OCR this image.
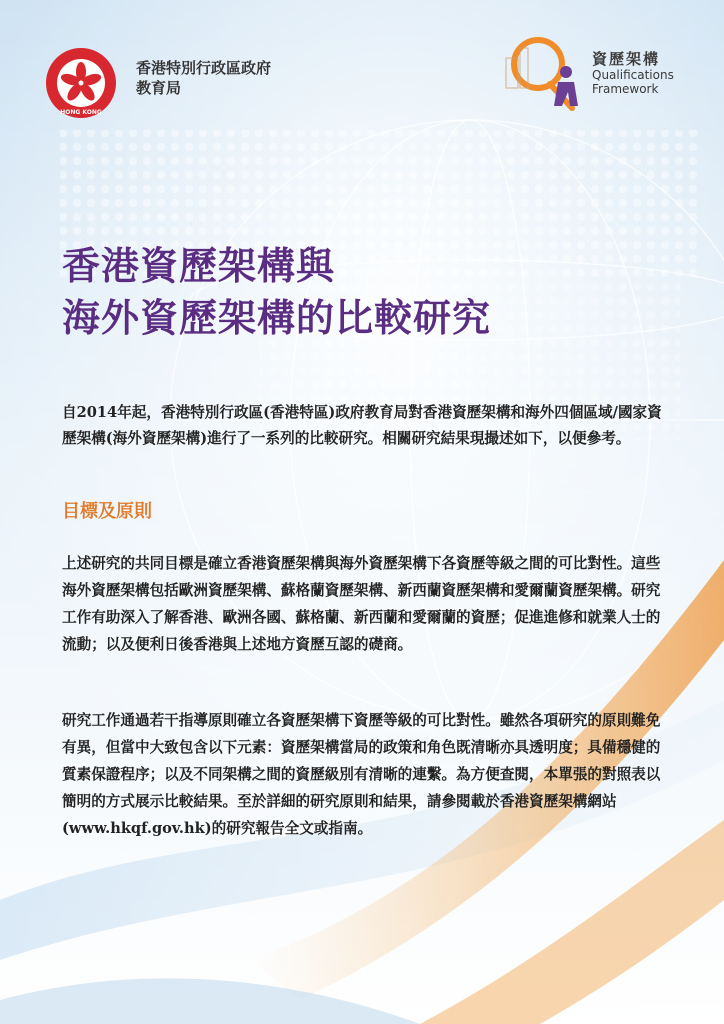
HONG KONG
香港特別行政區政府
教育局
資歷架構
Qualifications
Framework
香港資歷架構與
海外資歷架構的比較研究

自2014年起，香港特別行政區(香港特區)政府教育局對香港資歷架構和海外四個區域/國家資歷架構(海外資歷架構)進行了一系列的比較研究。相關研究結果現撮述如下，以便參考。

目標及原則

上述研究的共同目標是確立香港資歷架構與海外資歷架構下各資歷等級之間的可比對性。這些海外資歷架構包括歐洲資歷架構、蘇格蘭資歷架構、新西蘭資歷架構和愛爾蘭資歷架構。研究工作有助深入了解香港、歐洲各國、蘇格蘭、新西蘭和愛爾蘭的資歷；促進進修和就業人士的流動；以及便利日後香港與上述地方資歷互認的礎商。

研究工作通過若干指導原則確立各資歷架構下資歷等級的可比對性。雖然各項研究的原則難免有異，但當中大致包含以下元素：資歷架構當局的政策和角色既清晰亦具透明度；具備穩健的質素保證程序；以及不同架構之間的資歷級別有清晰的連繫。為方便查閱，本單張的對照表以簡明的方式展示比較結果。至於詳細的研究原則和結果，請參閱載於香港資歷架構網站(www.hkqf.gov.hk)的研究報告全文或指南。
